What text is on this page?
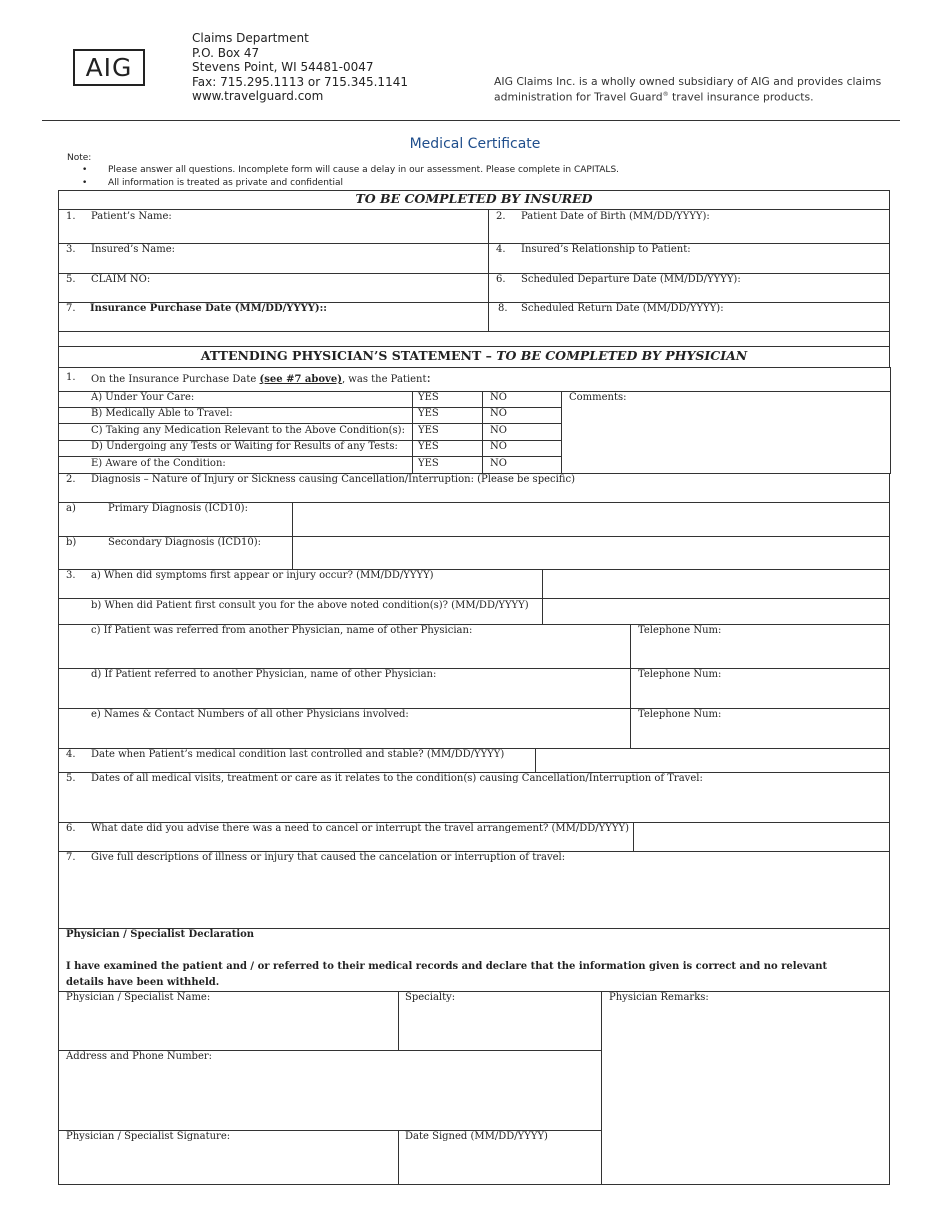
AIG
Claims Department
P.O. Box 47
Stevens Point, WI 54481-0047
Fax: 715.295.1113 or 715.345.1141
www.travelguard.com
AIG Claims Inc. is a wholly owned subsidiary of AIG and provides claims
administration for Travel Guard® travel insurance products.
Medical Certificate
Note:
• Please answer all questions. Incomplete form will cause a delay in our assessment. Please complete in CAPITALS.
• All information is treated as private and confidential
TO BE COMPLETED BY INSURED
1. Patient’s Name:	2. Patient Date of Birth (MM/DD/YYYY):
3. Insured’s Name:	4. Insured’s Relationship to Patient:
5. CLAIM NO:	6. Scheduled Departure Date (MM/DD/YYYY):
7. Insurance Purchase Date (MM/DD/YYYY)::	8. Scheduled Return Date (MM/DD/YYYY):
ATTENDING PHYSICIAN’S STATEMENT – TO BE COMPLETED BY PHYSICIAN
1. On the Insurance Purchase Date (see #7 above), was the Patient:
A) Under Your Care:	YES	NO
B) Medically Able to Travel:	YES	NO
C) Taking any Medication Relevant to the Above Condition(s): YES	NO
D) Undergoing any Tests or Waiting for Results of any Tests: YES	NO
E) Aware of the Condition:	YES	NO
Comments:
2. Diagnosis – Nature of Injury or Sickness causing Cancellation/Interruption: (Please be specific)
a)	Primary Diagnosis (ICD10):
b)	Secondary Diagnosis (ICD10):
3. a) When did symptoms first appear or injury occur? (MM/DD/YYYY)
b) When did Patient first consult you for the above noted condition(s)? (MM/DD/YYYY)
c) If Patient was referred from another Physician, name of other Physician:	Telephone Num:
d) If Patient referred to another Physician, name of other Physician:	Telephone Num:
e) Names & Contact Numbers of all other Physicians involved:	Telephone Num:
4. Date when Patient’s medical condition last controlled and stable? (MM/DD/YYYY)
5. Dates of all medical visits, treatment or care as it relates to the condition(s) causing Cancellation/Interruption of Travel:
6. What date did you advise there was a need to cancel or interrupt the travel arrangement? (MM/DD/YYYY)
7. Give full descriptions of illness or injury that caused the cancelation or interruption of travel:
Physician / Specialist Declaration
I have examined the patient and / or referred to their medical records and declare that the information given is correct and no relevant details have been withheld.
Physician / Specialist Name:	Specialty:	Physician Remarks:
Address and Phone Number:
Physician / Specialist Signature:	Date Signed (MM/DD/YYYY)
